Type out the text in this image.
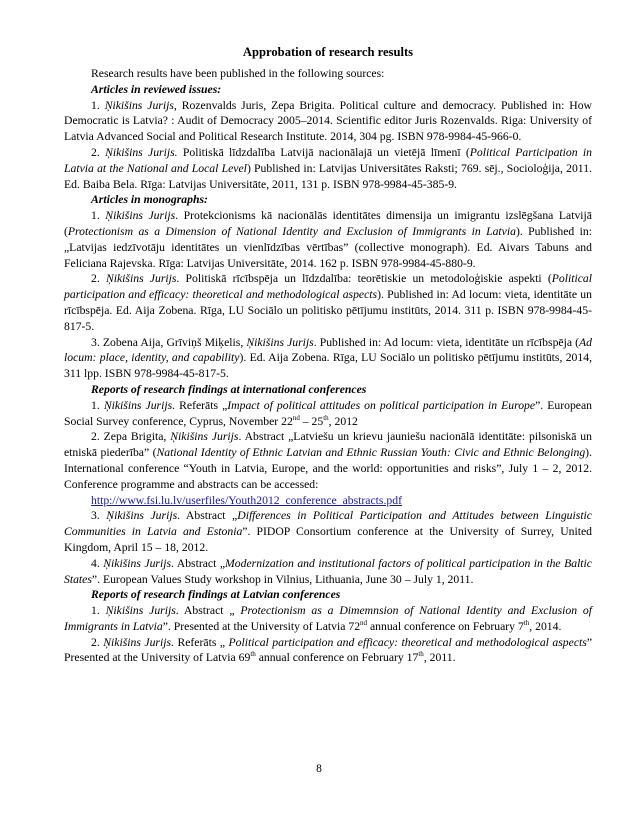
Approbation of research results

Research results have been published in the following sources:

Articles in reviewed issues:

1. Ņikišins Jurijs, Rozenvalds Juris, Zepa Brigita. Political culture and democracy. Published in: How Democratic is Latvia? : Audit of Democracy 2005–2014. Scientific editor Juris Rozenvalds. Riga: University of Latvia Advanced Social and Political Research Institute. 2014, 304 pg. ISBN 978-9984-45-966-0.

2. Ņikišins Jurijs. Politiskā līdzdalība Latvijā nacionālajā un vietējā līmenī (Political Participation in Latvia at the National and Local Level) Published in: Latvijas Universitātes Raksti; 769. sēj., Socioloģija, 2011. Ed. Baiba Bela. Rīga: Latvijas Universitāte, 2011, 131 p. ISBN 978-9984-45-385-9.

Articles in monographs:

1. Ņikišins Jurijs. Protekcionisms kā nacionālās identitātes dimensija un imigrantu izslēgšana Latvijā (Protectionism as a Dimension of National Identity and Exclusion of Immigrants in Latvia). Published in: „Latvijas iedzīvotāju identitātes un vienlīdzības vērtības” (collective monograph). Ed. Aivars Tabuns and Feliciana Rajevska. Rīga: Latvijas Universitāte, 2014. 162 p. ISBN 978-9984-45-880-9.

2. Ņikišins Jurijs. Politiskā rīcībspēja un līdzdalība: teorētiskie un metodoloģiskie aspekti (Political participation and efficacy: theoretical and methodological aspects). Published in: Ad locum: vieta, identitāte un rīcībspēja. Ed. Aija Zobena. Rīga, LU Sociālo un politisko pētījumu institūts, 2014. 311 p. ISBN 978-9984-45-817-5.

3. Zobena Aija, Grīviņš Miķelis, Ņikišins Jurijs. Published in: Ad locum: vieta, identitāte un rīcībspēja (Ad locum: place, identity, and capability). Ed. Aija Zobena. Rīga, LU Sociālo un politisko pētījumu institūts, 2014, 311 lpp. ISBN 978-9984-45-817-5.

Reports of research findings at international conferences

1. Ņikišins Jurijs. Referāts „Impact of political attitudes on political participation in Europe”. European Social Survey conference, Cyprus, November 22nd – 25th, 2012

2. Zepa Brigita, Ņikišins Jurijs. Abstract „Latviešu un krievu jauniešu nacionālā identitāte: pilsoniskā un etniskā piederība” (National Identity of Ethnic Latvian and Ethnic Russian Youth: Civic and Ethnic Belonging). International conference “Youth in Latvia, Europe, and the world: opportunities and risks”, July 1 – 2, 2012. Conference programme and abstracts can be accessed:

http://www.fsi.lu.lv/userfiles/Youth2012_conference_abstracts.pdf

3. Ņikišins Jurijs. Abstract „Differences in Political Participation and Attitudes between Linguistic Communities in Latvia and Estonia”. PIDOP Consortium conference at the University of Surrey, United Kingdom, April 15 – 18, 2012.

4. Ņikišins Jurijs. Abstract „Modernization and institutional factors of political participation in the Baltic States”. European Values Study workshop in Vilnius, Lithuania, June 30 – July 1, 2011.

Reports of research findings at Latvian conferences

1. Ņikišins Jurijs. Abstract „ Protectionism as a Dimemnsion of National Identity and Exclusion of Immigrants in Latvia”. Presented at the University of Latvia 72nd annual conference on February 7th, 2014.

2. Ņikišins Jurijs. Referāts „ Political participation and efficacy: theoretical and methodological aspects” Presented at the University of Latvia 69th annual conference on February 17th, 2011.

8
